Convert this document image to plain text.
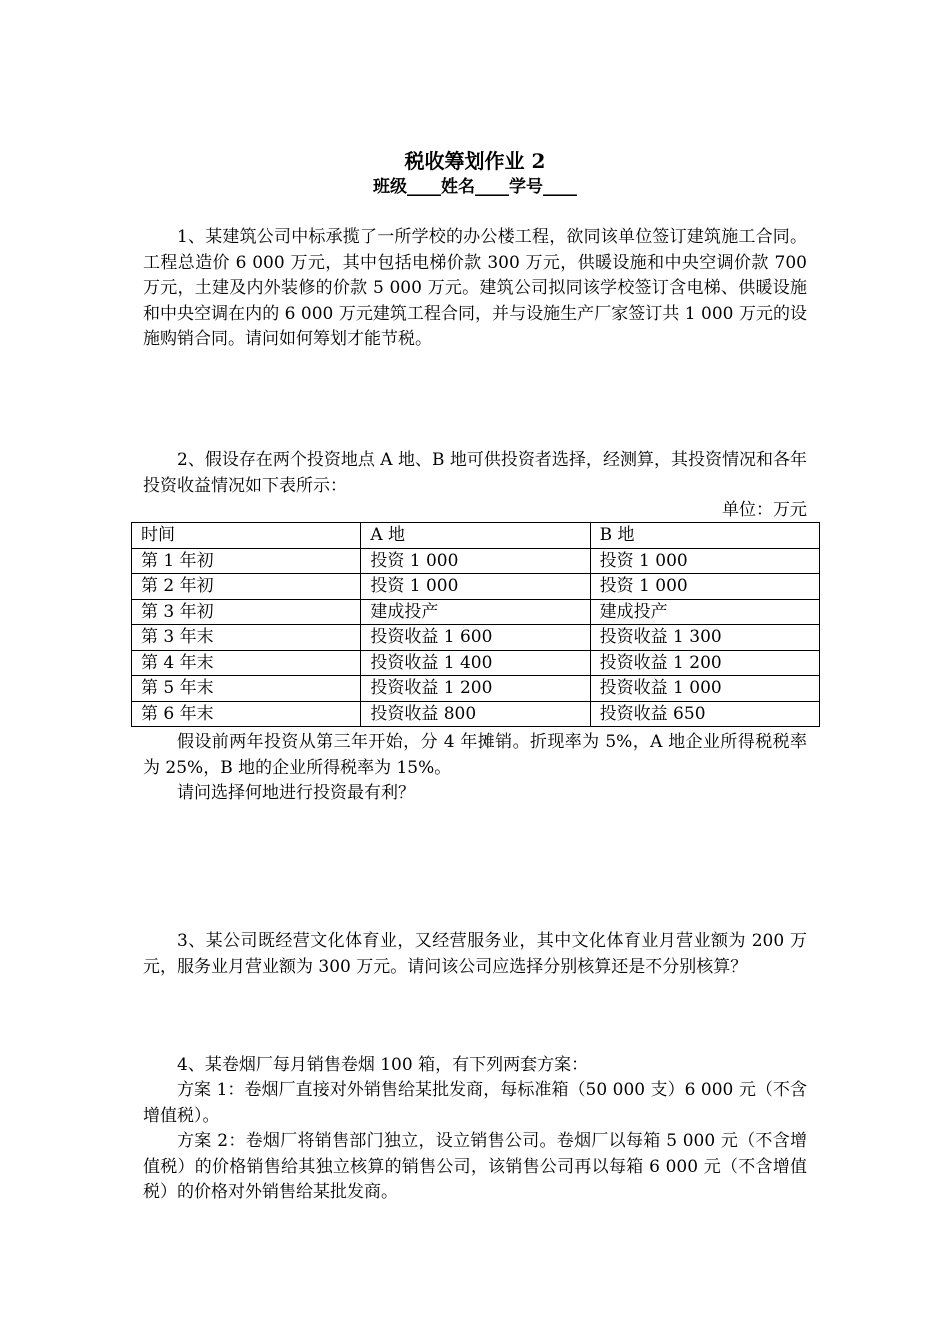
税收筹划作业 2
班级____姓名____学号____
1、某建筑公司中标承揽了一所学校的办公楼工程，欲同该单位签订建筑施工合同。工程总造价 6 000 万元，其中包括电梯价款 300 万元，供暖设施和中央空调价款 700 万元，土建及内外装修的价款 5 000 万元。建筑公司拟同该学校签订含电梯、供暖设施和中央空调在内的 6 000 万元建筑工程合同，并与设施生产厂家签订共 1 000 万元的设施购销合同。请问如何筹划才能节税。
2、假设存在两个投资地点 A 地、B 地可供投资者选择，经测算，其投资情况和各年投资收益情况如下表所示：
单位：万元
时间	A 地	B 地
第 1 年初	投资 1 000	投资 1 000
第 2 年初	投资 1 000	投资 1 000
第 3 年初	建成投产	建成投产
第 3 年末	投资收益 1 600	投资收益 1 300
第 4 年末	投资收益 1 400	投资收益 1 200
第 5 年末	投资收益 1 200	投资收益 1 000
第 6 年末	投资收益 800	投资收益 650
假设前两年投资从第三年开始，分 4 年摊销。折现率为 5%，A 地企业所得税税率为 25%，B 地的企业所得税率为 15%。
请问选择何地进行投资最有利？
3、某公司既经营文化体育业，又经营服务业，其中文化体育业月营业额为 200 万元，服务业月营业额为 300 万元。请问该公司应选择分别核算还是不分别核算？
4、某卷烟厂每月销售卷烟 100 箱，有下列两套方案：
方案 1：卷烟厂直接对外销售给某批发商，每标准箱（50 000 支）6 000 元（不含增值税）。
方案 2：卷烟厂将销售部门独立，设立销售公司。卷烟厂以每箱 5 000 元（不含增值税）的价格销售给其独立核算的销售公司，该销售公司再以每箱 6 000 元（不含增值税）的价格对外销售给某批发商。
